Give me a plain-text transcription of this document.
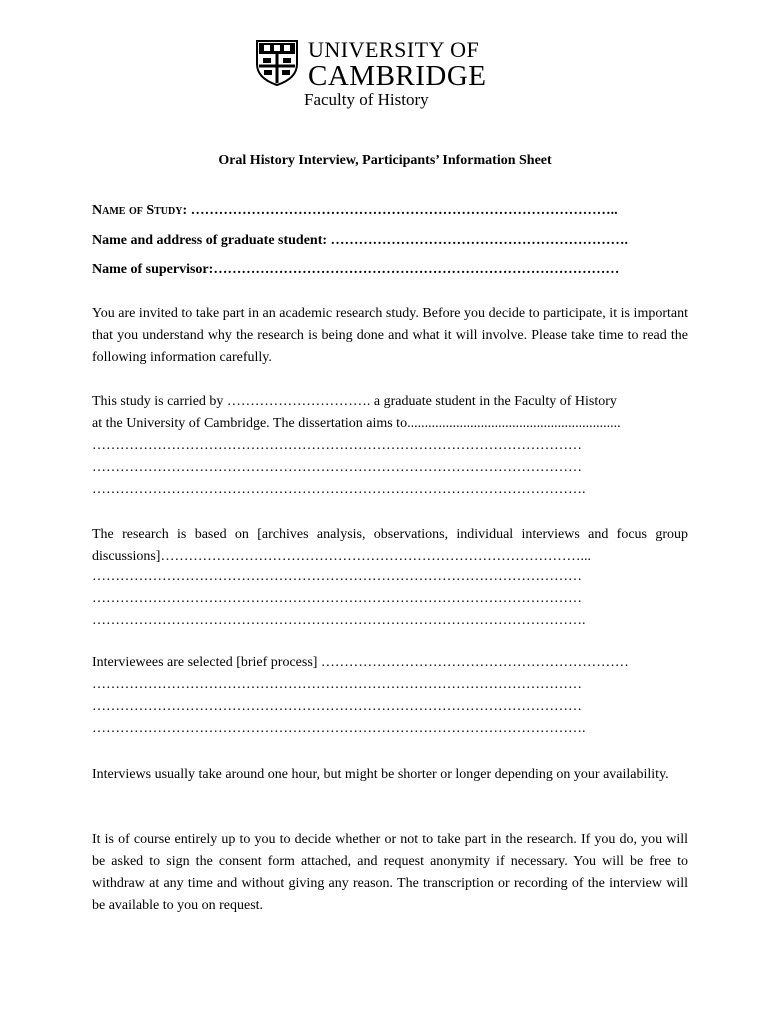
UNIVERSITY OF
CAMBRIDGE
Faculty of History
Oral History Interview, Participants’ Information Sheet
Name of Study: ………………………………………………………………………………..
Name and address of graduate student: ……………………………………………………….
Name of supervisor:……………………………………………………………………………
You are invited to take part in an academic research study. Before you decide to participate, it is important that you understand why the research is being done and what it will involve. Please take time to read the following information carefully.
This study is carried by …………………………. a graduate student in the Faculty of History
at the University of Cambridge. The dissertation aims to.............................................................
……………………………………………………………………………………………
……………………………………………………………………………………………
…………………………………………………………………………………………….
The research is based on [archives analysis, observations, individual interviews and focus group discussions]………………………………………………………………………………...
……………………………………………………………………………………………
……………………………………………………………………………………………
…………………………………………………………………………………………….
Interviewees are selected [brief process] …………………………………………………………
……………………………………………………………………………………………
……………………………………………………………………………………………
…………………………………………………………………………………………….
Interviews usually take around one hour, but might be shorter or longer depending on your availability.
It is of course entirely up to you to decide whether or not to take part in the research. If you do, you will be asked to sign the consent form attached, and request anonymity if necessary. You will be free to withdraw at any time and without giving any reason. The transcription or recording of the interview will be available to you on request.
